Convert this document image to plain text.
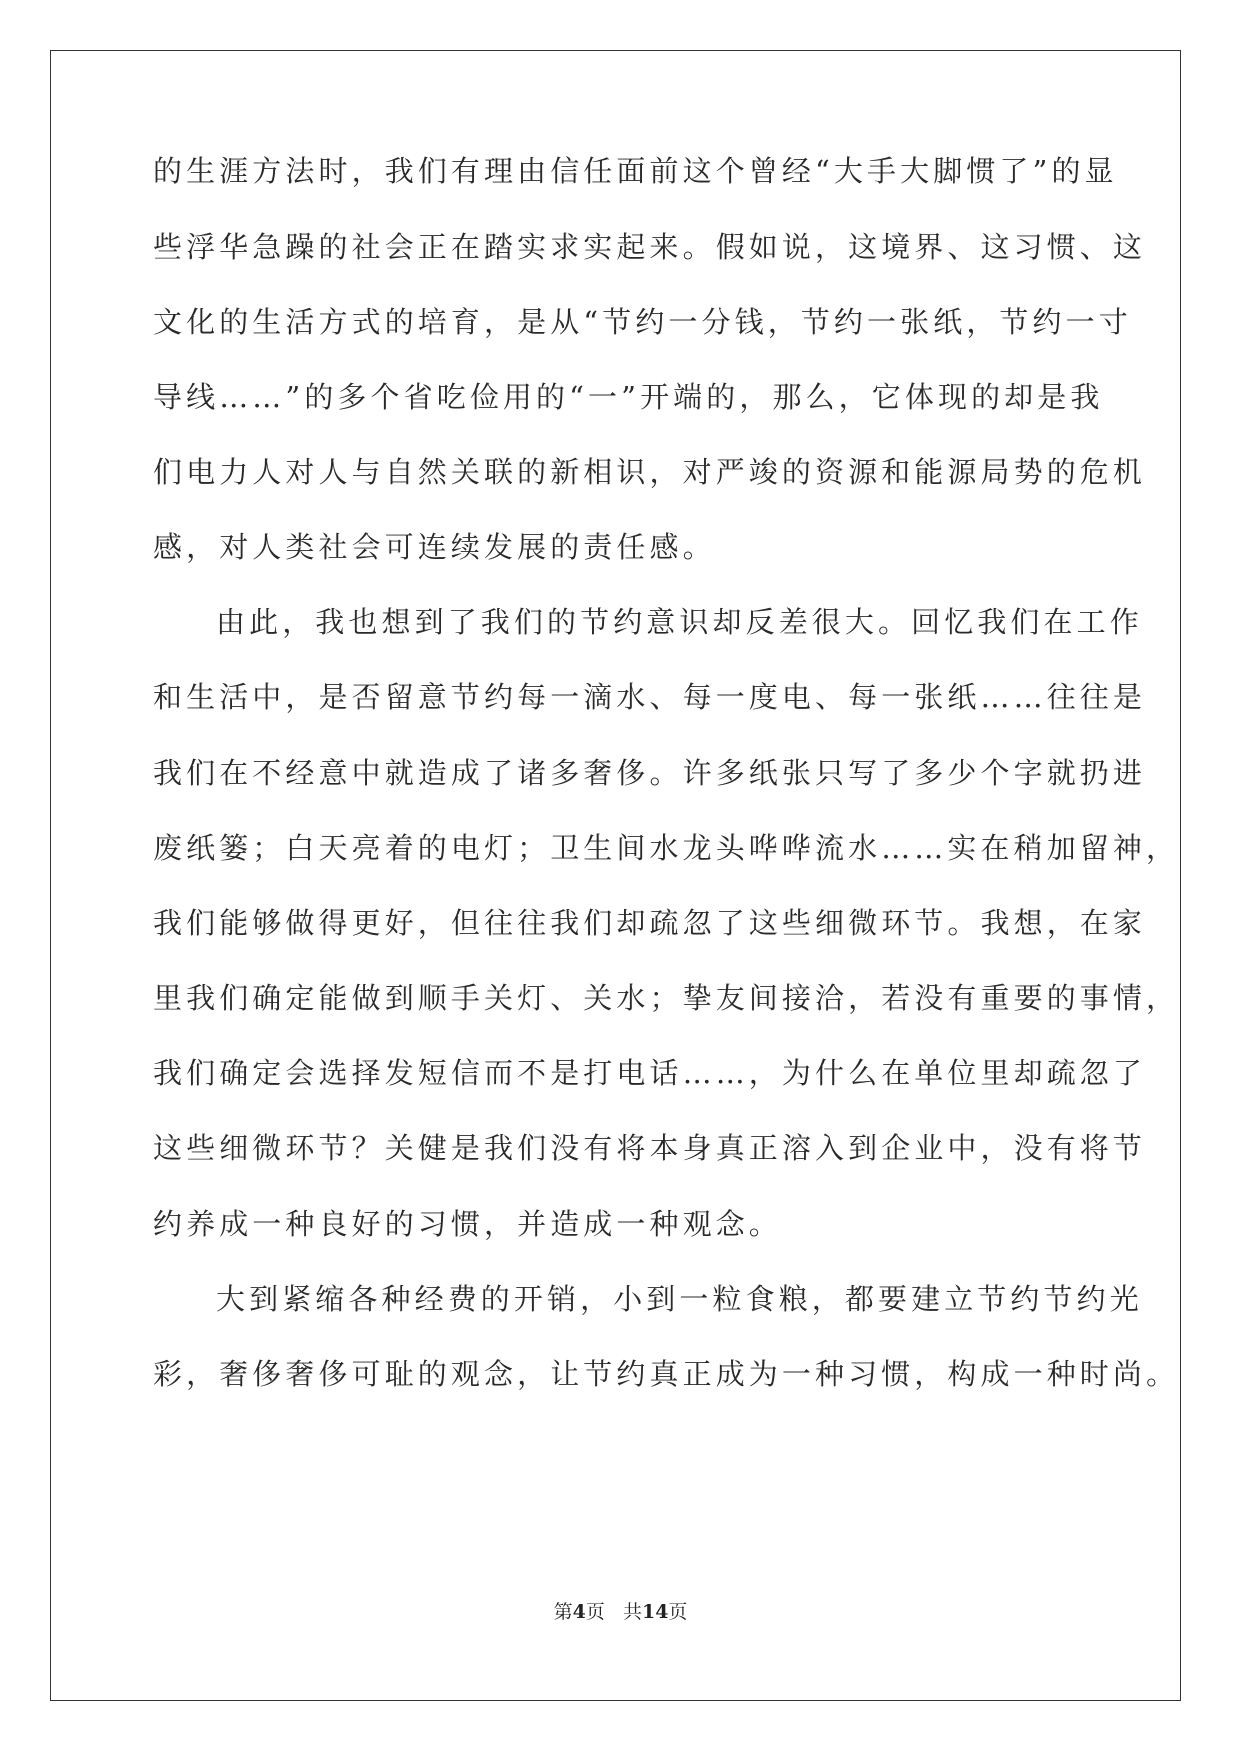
的生涯方法时，我们有理由信任面前这个曾经“大手大脚惯了”的显
些浮华急躁的社会正在踏实求实起来。假如说，这境界、这习惯、这
文化的生活方式的培育，是从“节约一分钱，节约一张纸，节约一寸
导线……”的多个省吃俭用的“一”开端的，那么，它体现的却是我
们电力人对人与自然关联的新相识，对严竣的资源和能源局势的危机
感，对人类社会可连续发展的责任感。
由此，我也想到了我们的节约意识却反差很大。回忆我们在工作
和生活中，是否留意节约每一滴水、每一度电、每一张纸……往往是
我们在不经意中就造成了诸多奢侈。许多纸张只写了多少个字就扔进
废纸篓；白天亮着的电灯；卫生间水龙头哗哗流水……实在稍加留神，
我们能够做得更好，但往往我们却疏忽了这些细微环节。我想，在家
里我们确定能做到顺手关灯、关水；挚友间接洽，若没有重要的事情，
我们确定会选择发短信而不是打电话……，为什么在单位里却疏忽了
这些细微环节？关健是我们没有将本身真正溶入到企业中，没有将节
约养成一种良好的习惯，并造成一种观念。
大到紧缩各种经费的开销，小到一粒食粮，都要建立节约节约光
彩，奢侈奢侈可耻的观念，让节约真正成为一种习惯，构成一种时尚。
第4页 共14页
